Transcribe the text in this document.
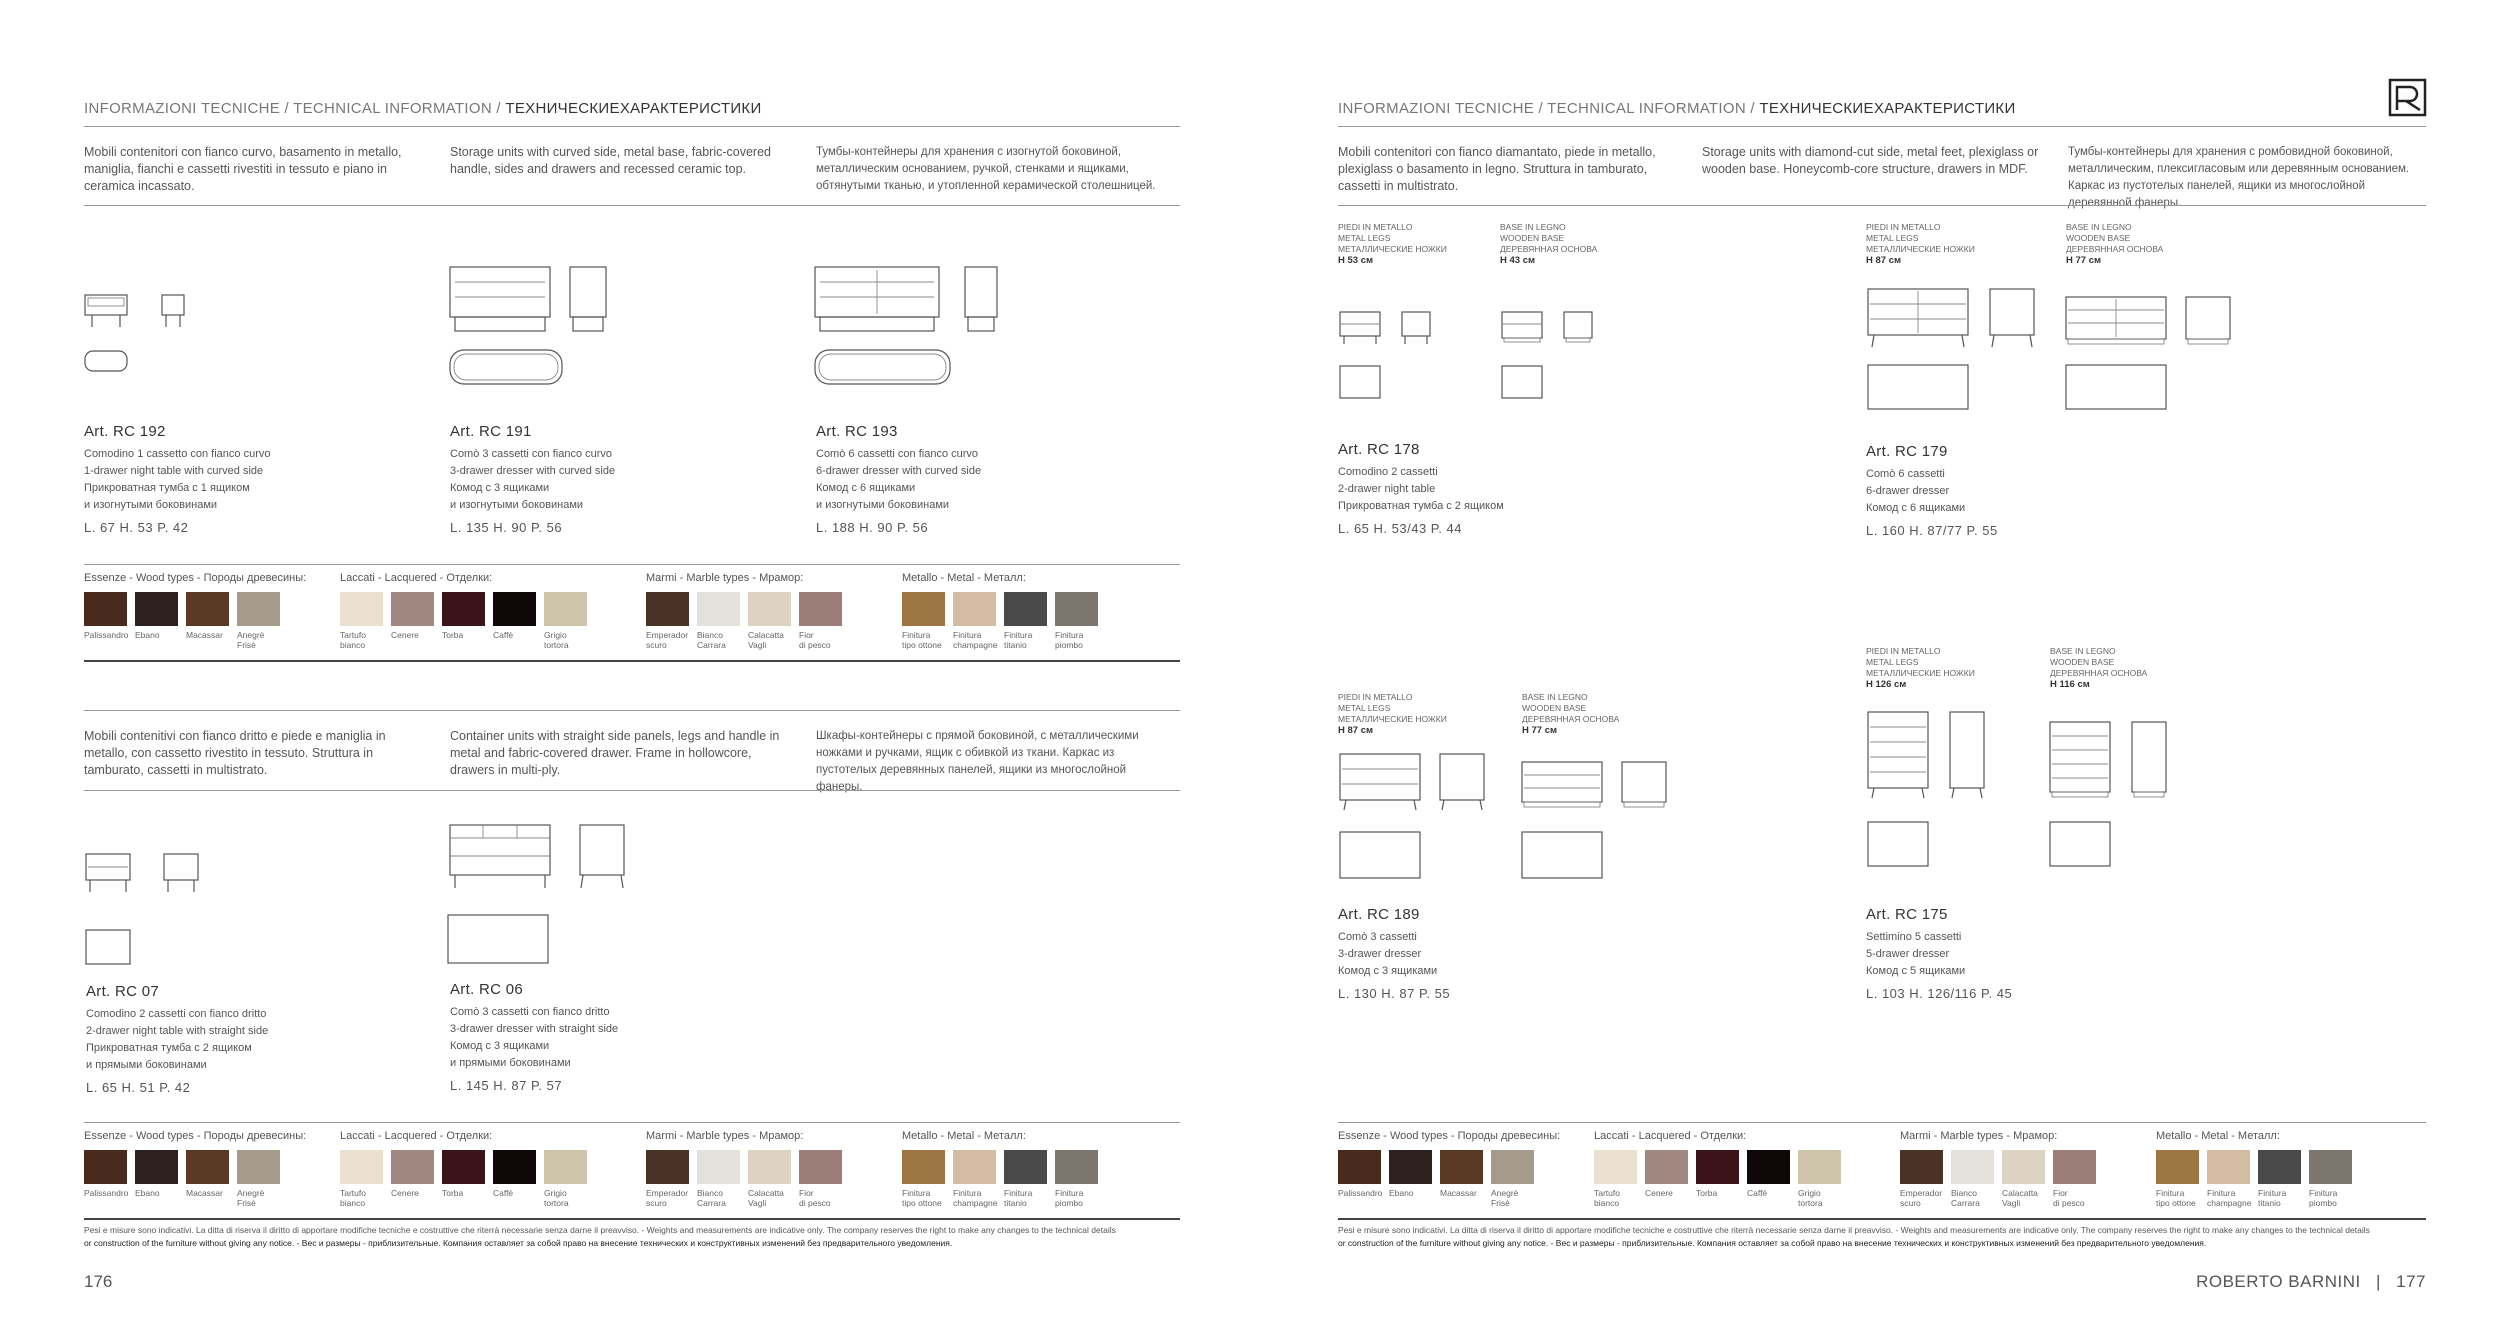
INFORMAZIONI TECNICHE / TECHNICAL INFORMATION / ТЕХНИЧЕСКИЕХАРАКТЕРИСТИКИ
Mobili contenitori con fianco curvo, basamento in metallo, maniglia, fianchi e cassetti rivestiti in tessuto e piano in ceramica incassato.
Storage units with curved side, metal base, fabric-covered handle, sides and drawers and recessed ceramic top.
Тумбы-контейнеры для хранения с изогнутой боковиной, металлическим основанием, ручкой, стенками и ящиками, обтянутыми тканью, и утопленной керамической столешницей.
Art. RC 192
Comodino 1 cassetto con fianco curvo
1-drawer night table with curved side
Прикроватная тумба с 1 ящиком
и изогнутыми боковинами
L. 67 H. 53 P. 42
Art. RC 191
Comò 3 cassetti con fianco curvo
3-drawer dresser with curved side
Комод с 3 ящиками
и изогнутыми боковинами
L. 135 H. 90 P. 56
Art. RC 193
Comò 6 cassetti con fianco curvo
6-drawer dresser with curved side
Комод с 6 ящиками
и изогнутыми боковинами
L. 188 H. 90 P. 56
Mobili contenitivi con fianco dritto e piede e maniglia in metallo, con cassetto rivestito in tessuto. Struttura in tamburato, cassetti in multistrato.
Container units with straight side panels, legs and handle in metal and fabric-covered drawer. Frame in hollowcore, drawers in multi-ply.
Шкафы-контейнеры с прямой боковиной, с металлическими ножками и ручками, ящик с обивкой из ткани. Каркас из пустотелых деревянных панелей, ящики из многослойной фанеры.
Art. RC 07
Comodino 2 cassetti con fianco dritto
2-drawer night table with straight side
Прикроватная тумба с 2 ящиком
и прямыми боковинами
L. 65 H. 51 P. 42
Art. RC 06
Comò 3 cassetti con fianco dritto
3-drawer dresser with straight side
Комод с 3 ящиками
и прямыми боковинами
L. 145 H. 87 P. 57
Pesi e misure sono indicativi. La ditta di riserva il diritto di apportare modifiche tecniche e costruttive che riterrà necessarie senza darne il preavviso. - Weights and measurements are indicative only. The company reserves the right to make any changes to the technical details
or construction of the furniture without giving any notice. - Вес и размеры - приблизительные. Компания оставляет за собой право на внесение технических и конструктивных изменений без предварительного уведомления.
176
INFORMAZIONI TECNICHE / TECHNICAL INFORMATION / ТЕХНИЧЕСКИЕХАРАКТЕРИСТИКИ
Mobili contenitori con fianco diamantato, piede in metallo, plexiglass o basamento in legno. Struttura in tamburato, cassetti in multistrato.
Storage units with diamond-cut side, metal feet, plexiglass or wooden base. Honeycomb-core structure, drawers in MDF.
Тумбы-контейнеры для хранения с ромбовидной боковиной, металлическим, плексигласовым или деревянным основанием. Каркас из пустотелых панелей, ящики из многослойной деревянной фанеры.
PIEDI IN METALLO
METAL LEGS
МЕТАЛЛИЧЕСКИЕ НОЖКИ
H 53 см
BASE IN LEGNO
WOODEN BASE
ДЕРЕВЯННАЯ ОСНОВА
H 43 см
Art. RC 178
Comodino 2 cassetti
2-drawer night table
Прикроватная тумба с 2 ящиком
L. 65 H. 53/43 P. 44
PIEDI IN METALLO
METAL LEGS
МЕТАЛЛИЧЕСКИЕ НОЖКИ
H 87 см
BASE IN LEGNO
WOODEN BASE
ДЕРЕВЯННАЯ ОСНОВА
H 77 см
Art. RC 179
Comò 6 cassetti
6-drawer dresser
Комод с 6 ящиками
L. 160 H. 87/77 P. 55
PIEDI IN METALLO
METAL LEGS
МЕТАЛЛИЧЕСКИЕ НОЖКИ
H 87 см
BASE IN LEGNO
WOODEN BASE
ДЕРЕВЯННАЯ ОСНОВА
H 77 см
Art. RC 189
Comò 3 cassetti
3-drawer dresser
Комод с 3 ящиками
L. 130 H. 87 P. 55
PIEDI IN METALLO
METAL LEGS
МЕТАЛЛИЧЕСКИЕ НОЖКИ
H 126 см
BASE IN LEGNO
WOODEN BASE
ДЕРЕВЯННАЯ ОСНОВА
H 116 см
Art. RC 175
Settimino 5 cassetti
5-drawer dresser
Комод с 5 ящиками
L. 103 H. 126/116 P. 45
Pesi e misure sono indicativi. La ditta di riserva il diritto di apportare modifiche tecniche e costruttive che riterrà necessarie senza darne il preavviso. - Weights and measurements are indicative only. The company reserves the right to make any changes to the technical details
or construction of the furniture without giving any notice. - Вес и размеры - приблизительные. Компания оставляет за собой право на внесение технических и конструктивных изменений без предварительного уведомления.
ROBERTO BARNINI | 177
Essenze - Wood types - Породы древесины:
Palissandro Ebano	Macassar	Anegrè
Frisè
Laccati - Lacquered - Отделки:
Tartufo
bianco
Cenere	Torba	Caffè	Grigio
tortora
Marmi - Marble types - Мрамор:
Emperador
scuro
Bianco
Carrara
Calacatta
Vagli
Fior
di pesco
Metallo - Metal - Металл:
Finitura
tipo ottone
Finitura
champagne
Finitura
titanio
Finitura
piombo
Essenze - Wood types - Породы древесины:
Palissandro Ebano	Macassar	Anegrè
Frisè
Laccati - Lacquered - Отделки:
Tartufo
bianco
Cenere	Torba	Caffè	Grigio
tortora
Marmi - Marble types - Мрамор:
Emperador
scuro
Bianco
Carrara
Calacatta
Vagli
Fior
di pesco
Metallo - Metal - Металл:
Finitura
tipo ottone
Finitura
champagne
Finitura
titanio
Finitura
piombo
Essenze - Wood types - Породы древесины:
Palissandro Ebano	Macassar	Anegrè
Frisè
Laccati - Lacquered - Отделки:
Tartufo
bianco
Cenere	Torba	Caffè	Grigio
tortora
Marmi - Marble types - Мрамор:
Emperador
scuro
Bianco
Carrara
Calacatta
Vagli
Fior
di pesco
Metallo - Metal - Металл:
Finitura
tipo ottone
Finitura
champagne
Finitura
titanio
Finitura
piombo
